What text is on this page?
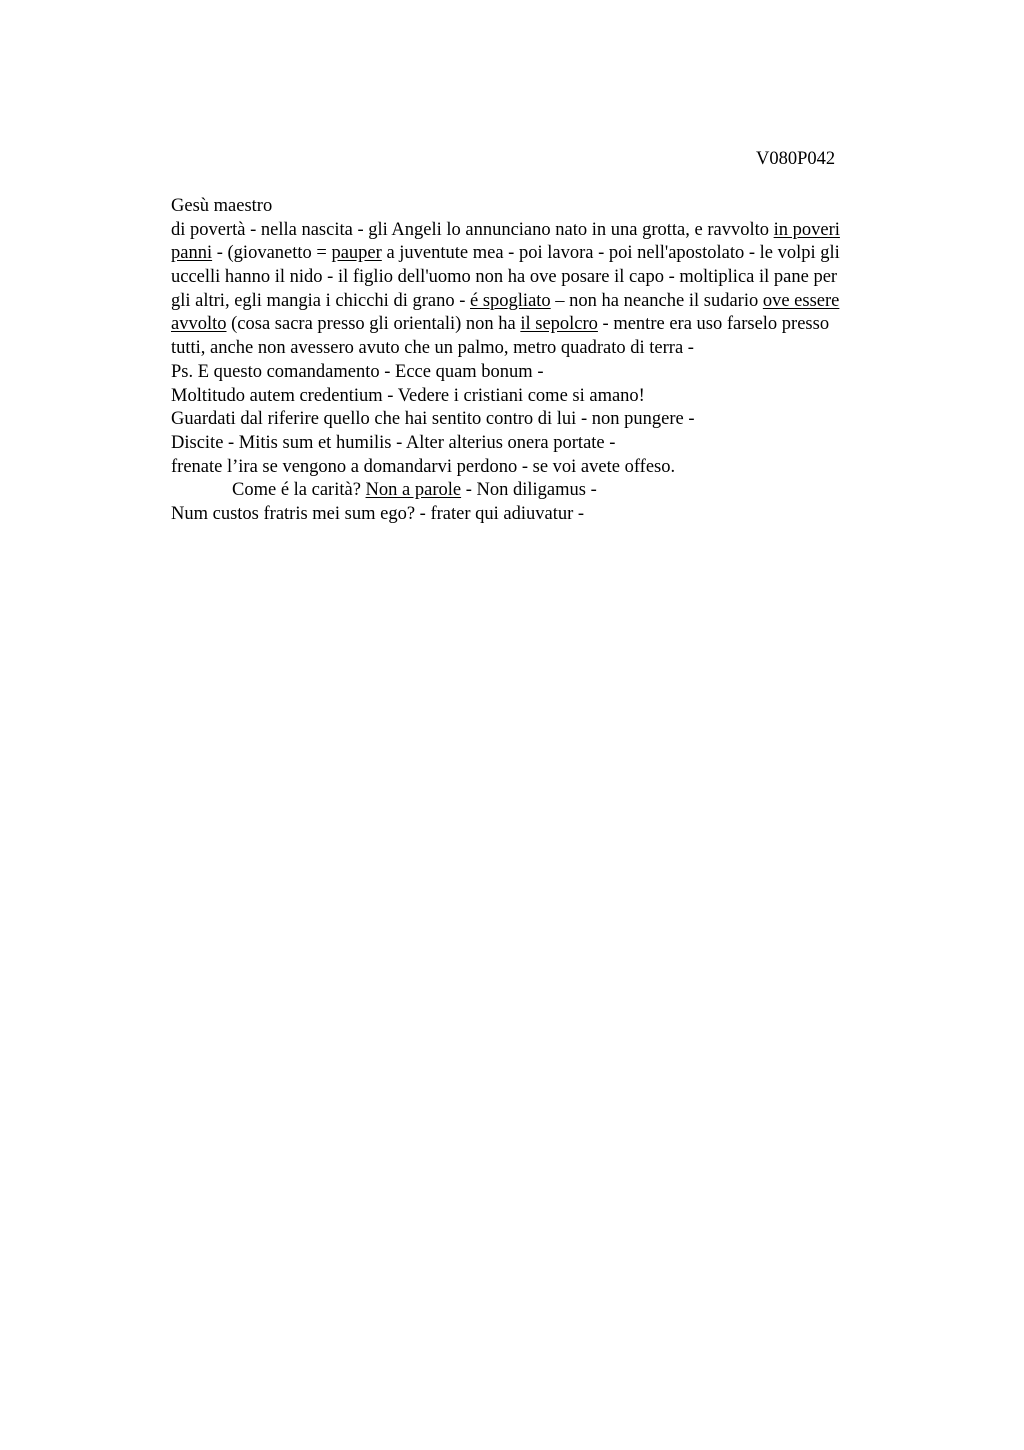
V080P042
Gesù maestro
di povertà - nella nascita - gli Angeli lo annunciano nato in una grotta, e ravvolto in poveri
panni - (giovanetto = pauper a juventute mea - poi lavora - poi nell'apostolato - le volpi gli
uccelli hanno il nido - il figlio dell'uomo non ha ove posare il capo - moltiplica il pane per
gli altri, egli mangia i chicchi di grano - é spogliato – non ha neanche il sudario ove essere
avvolto (cosa sacra presso gli orientali) non ha il sepolcro - mentre era uso farselo presso
tutti, anche non avessero avuto che un palmo, metro quadrato di terra -
Ps. E questo comandamento - Ecce quam bonum -
Moltitudo autem credentium - Vedere i cristiani come si amano!
Guardati dal riferire quello che hai sentito contro di lui - non pungere -
Discite - Mitis sum et humilis - Alter alterius onera portate -
frenate l’ira se vengono a domandarvi perdono - se voi avete offeso.
Come é la carità? Non a parole - Non diligamus -
Num custos fratris mei sum ego? - frater qui adiuvatur -
